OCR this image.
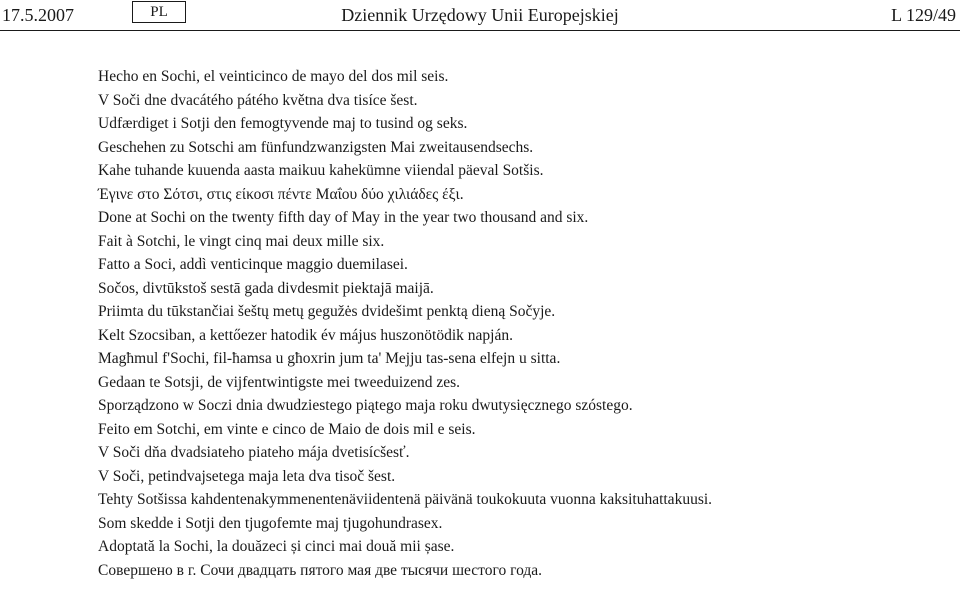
17.5.2007	PL	Dziennik Urzędowy Unii Europejskiej	L 129/49
Hecho en Sochi, el veinticinco de mayo del dos mil seis.
V Soči dne dvacátého pátého května dva tisíce šest.
Udfærdiget i Sotji den femogtyvende maj to tusind og seks.
Geschehen zu Sotschi am fünfundzwanzigsten Mai zweitausendsechs.
Kahe tuhande kuuenda aasta maikuu kahekümne viiendal päeval Sotšis.
Έγινε στο Σότσι, στις είκοσι πέντε Μαΐου δύο χιλιάδες έξι.
Done at Sochi on the twenty fifth day of May in the year two thousand and six.
Fait à Sotchi, le vingt cinq mai deux mille six.
Fatto a Soci, addì venticinque maggio duemilasei.
Sočos, divtūkstoš sestā gada divdesmit piektajā maijā.
Priimta du tūkstančiai šeštų metų gegužės dvidešimt penktą dieną Sočyje.
Kelt Szocsiban, a kettőezer hatodik év május huszonötödik napján.
Magħmul f'Sochi, fil-ħamsa u għoxrin jum ta' Mejju tas-sena elfejn u sitta.
Gedaan te Sotsji, de vijfentwintigste mei tweeduizend zes.
Sporządzono w Soczi dnia dwudziestego piątego maja roku dwutysięcznego szóstego.
Feito em Sotchi, em vinte e cinco de Maio de dois mil e seis.
V Soči dňa dvadsiateho piateho mája dvetisícšesť.
V Soči, petindvajsetega maja leta dva tisoč šest.
Tehty Sotšissa kahdentenakymmenentenäviidentenä päivänä toukokuuta vuonna kaksituhattakuusi.
Som skedde i Sotji den tjugofemte maj tjugohundrasex.
Adoptată la Sochi, la douăzeci și cinci mai două mii șase.
Совершено в г. Сочи двадцать пятого мая две тысячи шестого года.
